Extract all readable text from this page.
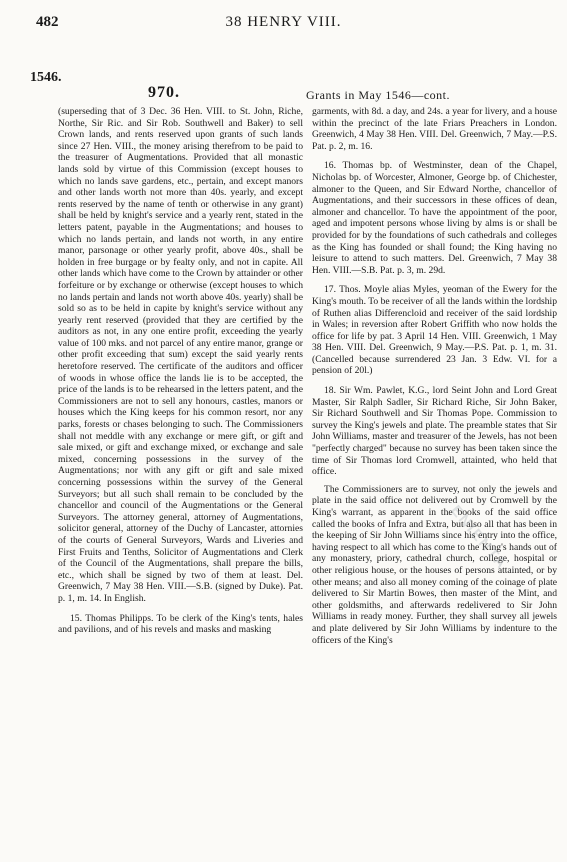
482	38 HENRY VIII.
1546.
970.	Grants in May 1546—cont.

(superseding that of 3 Dec. 36 Hen. VIII. to St. John, Riche, Northe, Sir Ric. and Sir Rob. Southwell and Baker) to sell Crown lands, and rents reserved upon grants of such lands since 27 Hen. VIII., the money arising therefrom to be paid to the treasurer of Augmentations. Provided that all monastic lands sold by virtue of this Commission (except houses to which no lands save gardens, etc., pertain, and except manors and other lands worth not more than 40s. yearly, and except rents reserved by the name of tenth or otherwise in any grant) shall be held by knight's service and a yearly rent, stated in the letters patent, payable in the Augmentations; and houses to which no lands pertain, and lands not worth, in any entire manor, parsonage or other yearly profit, above 40s., shall be holden in free burgage or by fealty only, and not in capite. All other lands which have come to the Crown by attainder or other forfeiture or by exchange or otherwise (except houses to which no lands pertain and lands not worth above 40s. yearly) shall be sold so as to be held in capite by knight's service without any yearly rent reserved (provided that they are certified by the auditors as not, in any one entire profit, exceeding the yearly value of 100 mks. and not parcel of any entire manor, grange or other profit exceeding that sum) except the said yearly rents heretofore reserved. The certificate of the auditors and officer of woods in whose office the lands lie is to be accepted, the price of the lands is to be rehearsed in the letters patent, and the Commissioners are not to sell any honours, castles, manors or houses which the King keeps for his common resort, nor any parks, forests or chases belonging to such. The Commissioners shall not meddle with any exchange or mere gift, or gift and sale mixed, or gift and exchange mixed, or exchange and sale mixed, concerning possessions in the survey of the Augmentations; nor with any gift or gift and sale mixed concerning possessions within the survey of the General Surveyors; but all such shall remain to be concluded by the chancellor and council of the Augmentations or the General Surveyors. The attorney general, attorney of Augmentations, solicitor general, attorney of the Duchy of Lancaster, attornies of the courts of General Surveyors, Wards and Liveries and First Fruits and Tenths, Solicitor of Augmentations and Clerk of the Council of the Augmentations, shall prepare the bills, etc., which shall be signed by two of them at least. Del. Greenwich, 7 May 38 Hen. VIII.—S.B. (signed by Duke). Pat. p. 1, m. 14. In English.

15. Thomas Philipps. To be clerk of the King's tents, hales and pavilions, and of his revels and masks and masking

garments, with 8d. a day, and 24s. a year for livery, and a house within the precinct of the late Friars Preachers in London. Greenwich, 4 May 38 Hen. VIII. Del. Greenwich, 7 May.—P.S. Pat. p. 2, m. 16.

16. Thomas bp. of Westminster, dean of the Chapel, Nicholas bp. of Worcester, Almoner, George bp. of Chichester, almoner to the Queen, and Sir Edward Northe, chancellor of Augmentations, and their successors in these offices of dean, almoner and chancellor. To have the appointment of the poor, aged and impotent persons whose living by alms is or shall be provided for by the foundations of such cathedrals and colleges as the King has founded or shall found; the King having no leisure to attend to such matters. Del. Greenwich, 7 May 38 Hen. VIII.—S.B. Pat. p. 3, m. 29d.

17. Thos. Moyle alias Myles, yeoman of the Ewery for the King's mouth. To be receiver of all the lands within the lordship of Ruthen alias Differencloid and receiver of the said lordship in Wales; in reversion after Robert Griffith who now holds the office for life by pat. 3 April 14 Hen. VIII. Greenwich, 1 May 38 Hen. VIII. Del. Greenwich, 9 May.—P.S. Pat. p. 1, m. 31. (Cancelled because surrendered 23 Jan. 3 Edw. VI. for a pension of 20l.)

18. Sir Wm. Pawlet, K.G., lord Seint John and Lord Great Master, Sir Ralph Sadler, Sir Richard Riche, Sir John Baker, Sir Richard Southwell and Sir Thomas Pope. Commission to survey the King's jewels and plate. The preamble states that Sir John Williams, master and treasurer of the Jewels, has not been "perfectly charged" because no survey has been taken since the time of Sir Thomas lord Cromwell, attainted, who held that office.

The Commissioners are to survey, not only the jewels and plate in the said office not delivered out by Cromwell by the King's warrant, as apparent in the books of the said office called the books of Infra and Extra, but also all that has been in the keeping of Sir John Williams since his entry into the office, having respect to all which has come to the King's hands out of any monastery, priory, cathedral church, college, hospital or other religious house, or the houses of persons attainted, or by other means; and also all money coming of the coinage of plate delivered to Sir Martin Bowes, then master of the Mint, and other goldsmiths, and afterwards redelivered to Sir John Williams in ready money. Further, they shall survey all jewels and plate delivered by Sir John Williams by indenture to the officers of the King's

ENIENTA
